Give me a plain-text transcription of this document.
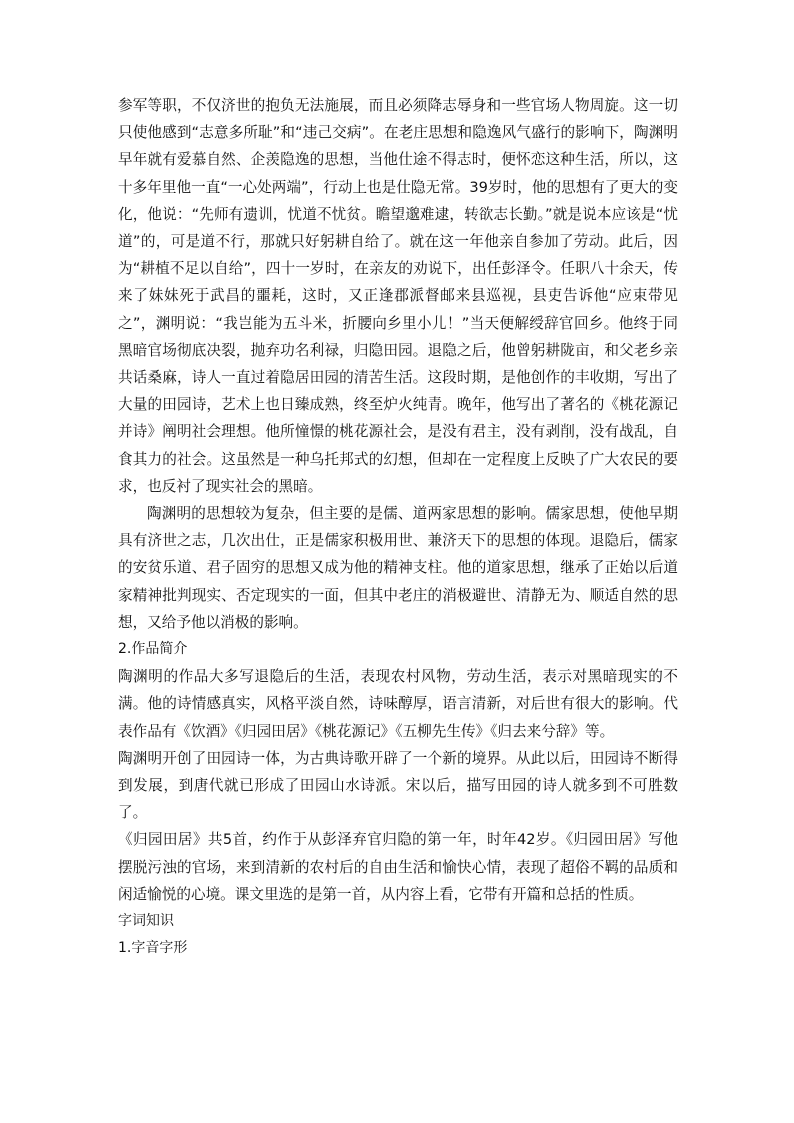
参军等职，不仅济世的抱负无法施展，而且必须降志辱身和一些官场人物周旋。这一切只使他感到“志意多所耻”和“违己交病”。在老庄思想和隐逸风气盛行的影响下，陶渊明早年就有爱慕自然、企羡隐逸的思想，当他仕途不得志时，便怀恋这种生活，所以，这十多年里他一直“一心处两端”，行动上也是仕隐无常。39岁时，他的思想有了更大的变化，他说：“先师有遗训，忧道不忧贫。瞻望邈难逮，转欲志长勤。”就是说本应该是“忧道”的，可是道不行，那就只好躬耕自给了。就在这一年他亲自参加了劳动。此后，因为“耕植不足以自给”，四十一岁时，在亲友的劝说下，出任彭泽令。任职八十余天，传来了妹妹死于武昌的噩耗，这时，又正逢郡派督邮来县巡视，县吏告诉他“应束带见之”，渊明说：“我岂能为五斗米，折腰向乡里小儿！”当天便解绶辞官回乡。他终于同黑暗官场彻底决裂，抛弃功名利禄，归隐田园。退隐之后，他曾躬耕陇亩，和父老乡亲共话桑麻，诗人一直过着隐居田园的清苦生活。这段时期，是他创作的丰收期，写出了大量的田园诗，艺术上也日臻成熟，终至炉火纯青。晚年，他写出了著名的《桃花源记并诗》阐明社会理想。他所憧憬的桃花源社会，是没有君主，没有剥削，没有战乱，自食其力的社会。这虽然是一种乌托邦式的幻想，但却在一定程度上反映了广大农民的要求，也反衬了现实社会的黑暗。

陶渊明的思想较为复杂，但主要的是儒、道两家思想的影响。儒家思想，使他早期具有济世之志，几次出仕，正是儒家积极用世、兼济天下的思想的体现。退隐后，儒家的安贫乐道、君子固穷的思想又成为他的精神支柱。他的道家思想，继承了正始以后道家精神批判现实、否定现实的一面，但其中老庄的消极避世、清静无为、顺适自然的思想，又给予他以消极的影响。

2.作品简介

陶渊明的作品大多写退隐后的生活，表现农村风物，劳动生活，表示对黑暗现实的不满。他的诗情感真实，风格平淡自然，诗味醇厚，语言清新，对后世有很大的影响。代表作品有《饮酒》《归园田居》《桃花源记》《五柳先生传》《归去来兮辞》等。

陶渊明开创了田园诗一体，为古典诗歌开辟了一个新的境界。从此以后，田园诗不断得到发展，到唐代就已形成了田园山水诗派。宋以后，描写田园的诗人就多到不可胜数了。

《归园田居》共5首，约作于从彭泽弃官归隐的第一年，时年42岁。《归园田居》写他摆脱污浊的官场，来到清新的农村后的自由生活和愉快心情，表现了超俗不羁的品质和闲适愉悦的心境。课文里选的是第一首，从内容上看，它带有开篇和总括的性质。

字词知识

1.字音字形
